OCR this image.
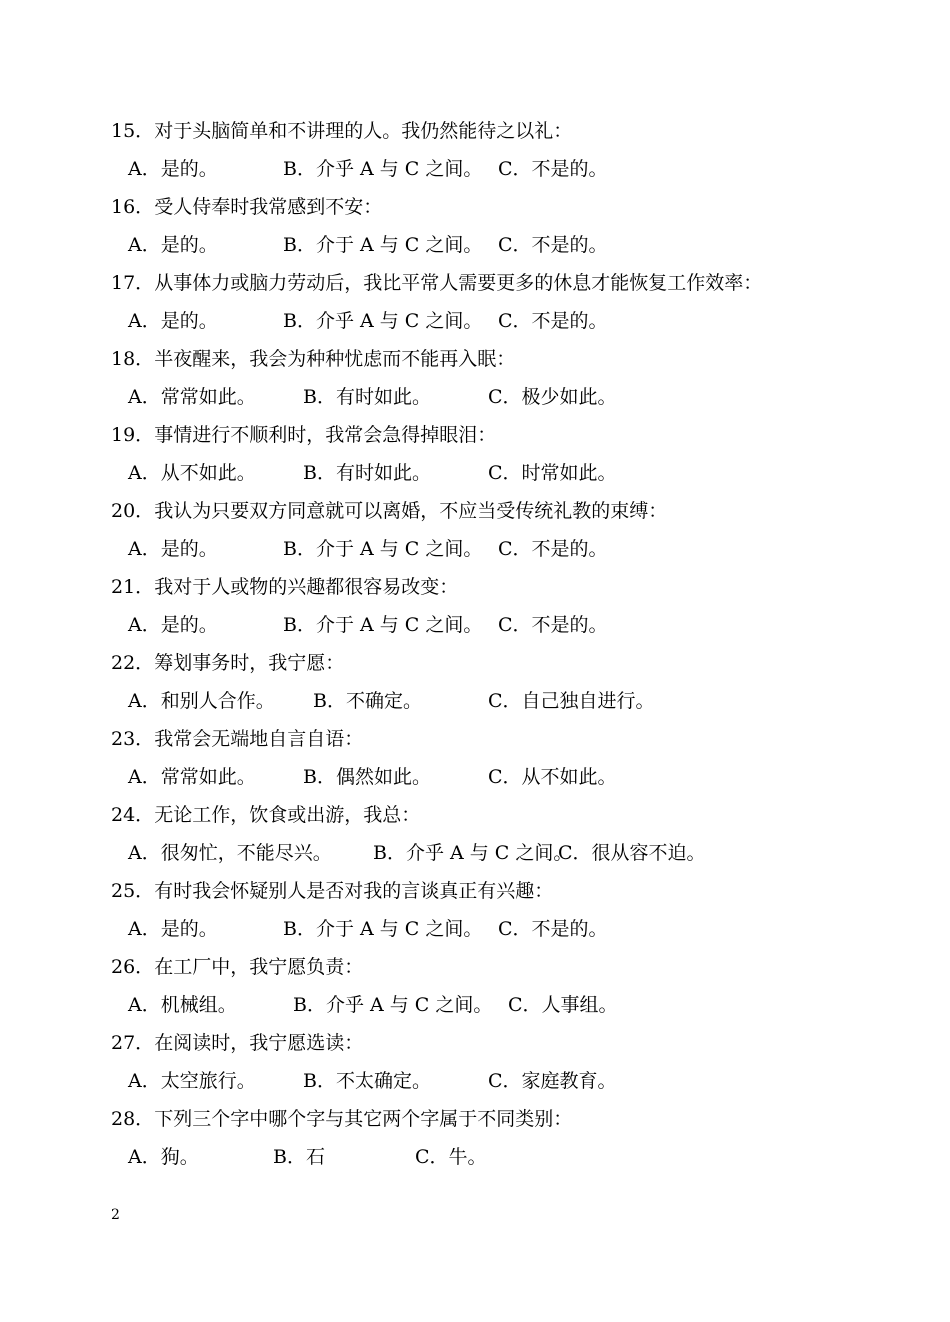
15．对于头脑简单和不讲理的人。我仍然能待之以礼：
A．是的。	B．介乎 A 与 C 之间。 C．不是的。
16．受人侍奉时我常感到不安：
A．是的。	B．介于 A 与 C 之间。 C．不是的。
17．从事体力或脑力劳动后，我比平常人需要更多的休息才能恢复工作效率：
A．是的。	B．介乎 A 与 C 之间。 C．不是的。
18．半夜醒来，我会为种种忧虑而不能再入眠：
A．常常如此。 B．有时如此。	C．极少如此。
19．事情进行不顺利时，我常会急得掉眼泪：
A．从不如此。 B．有时如此。	C．时常如此。
20．我认为只要双方同意就可以离婚，不应当受传统礼教的束缚：
A．是的。	B．介于 A 与 C 之间。 C．不是的。
21．我对于人或物的兴趣都很容易改变：
A．是的。	B．介于 A 与 C 之间。 C．不是的。
22．筹划事务时，我宁愿：
A．和别人合作。 B．不确定。	C．自己独自进行。
23．我常会无端地自言自语：
A．常常如此。 B．偶然如此。	C．从不如此。
24．无论工作，饮食或出游，我总：
A．很匆忙，不能尽兴。 B．介乎 A 与 C 之间。
C．很从容不迫。
25．有时我会怀疑别人是否对我的言谈真正有兴趣：
A．是的。	B．介于 A 与 C 之间。 C．不是的。
26．在工厂中，我宁愿负责：
A．机械组。	B．介乎 A 与 C 之间。 C．人事组。
27．在阅读时，我宁愿选读：
A．太空旅行。 B．不太确定。	C．家庭教育。
28．下列三个字中哪个字与其它两个字属于不同类别：
A．狗。	B．石	C．牛。
2
